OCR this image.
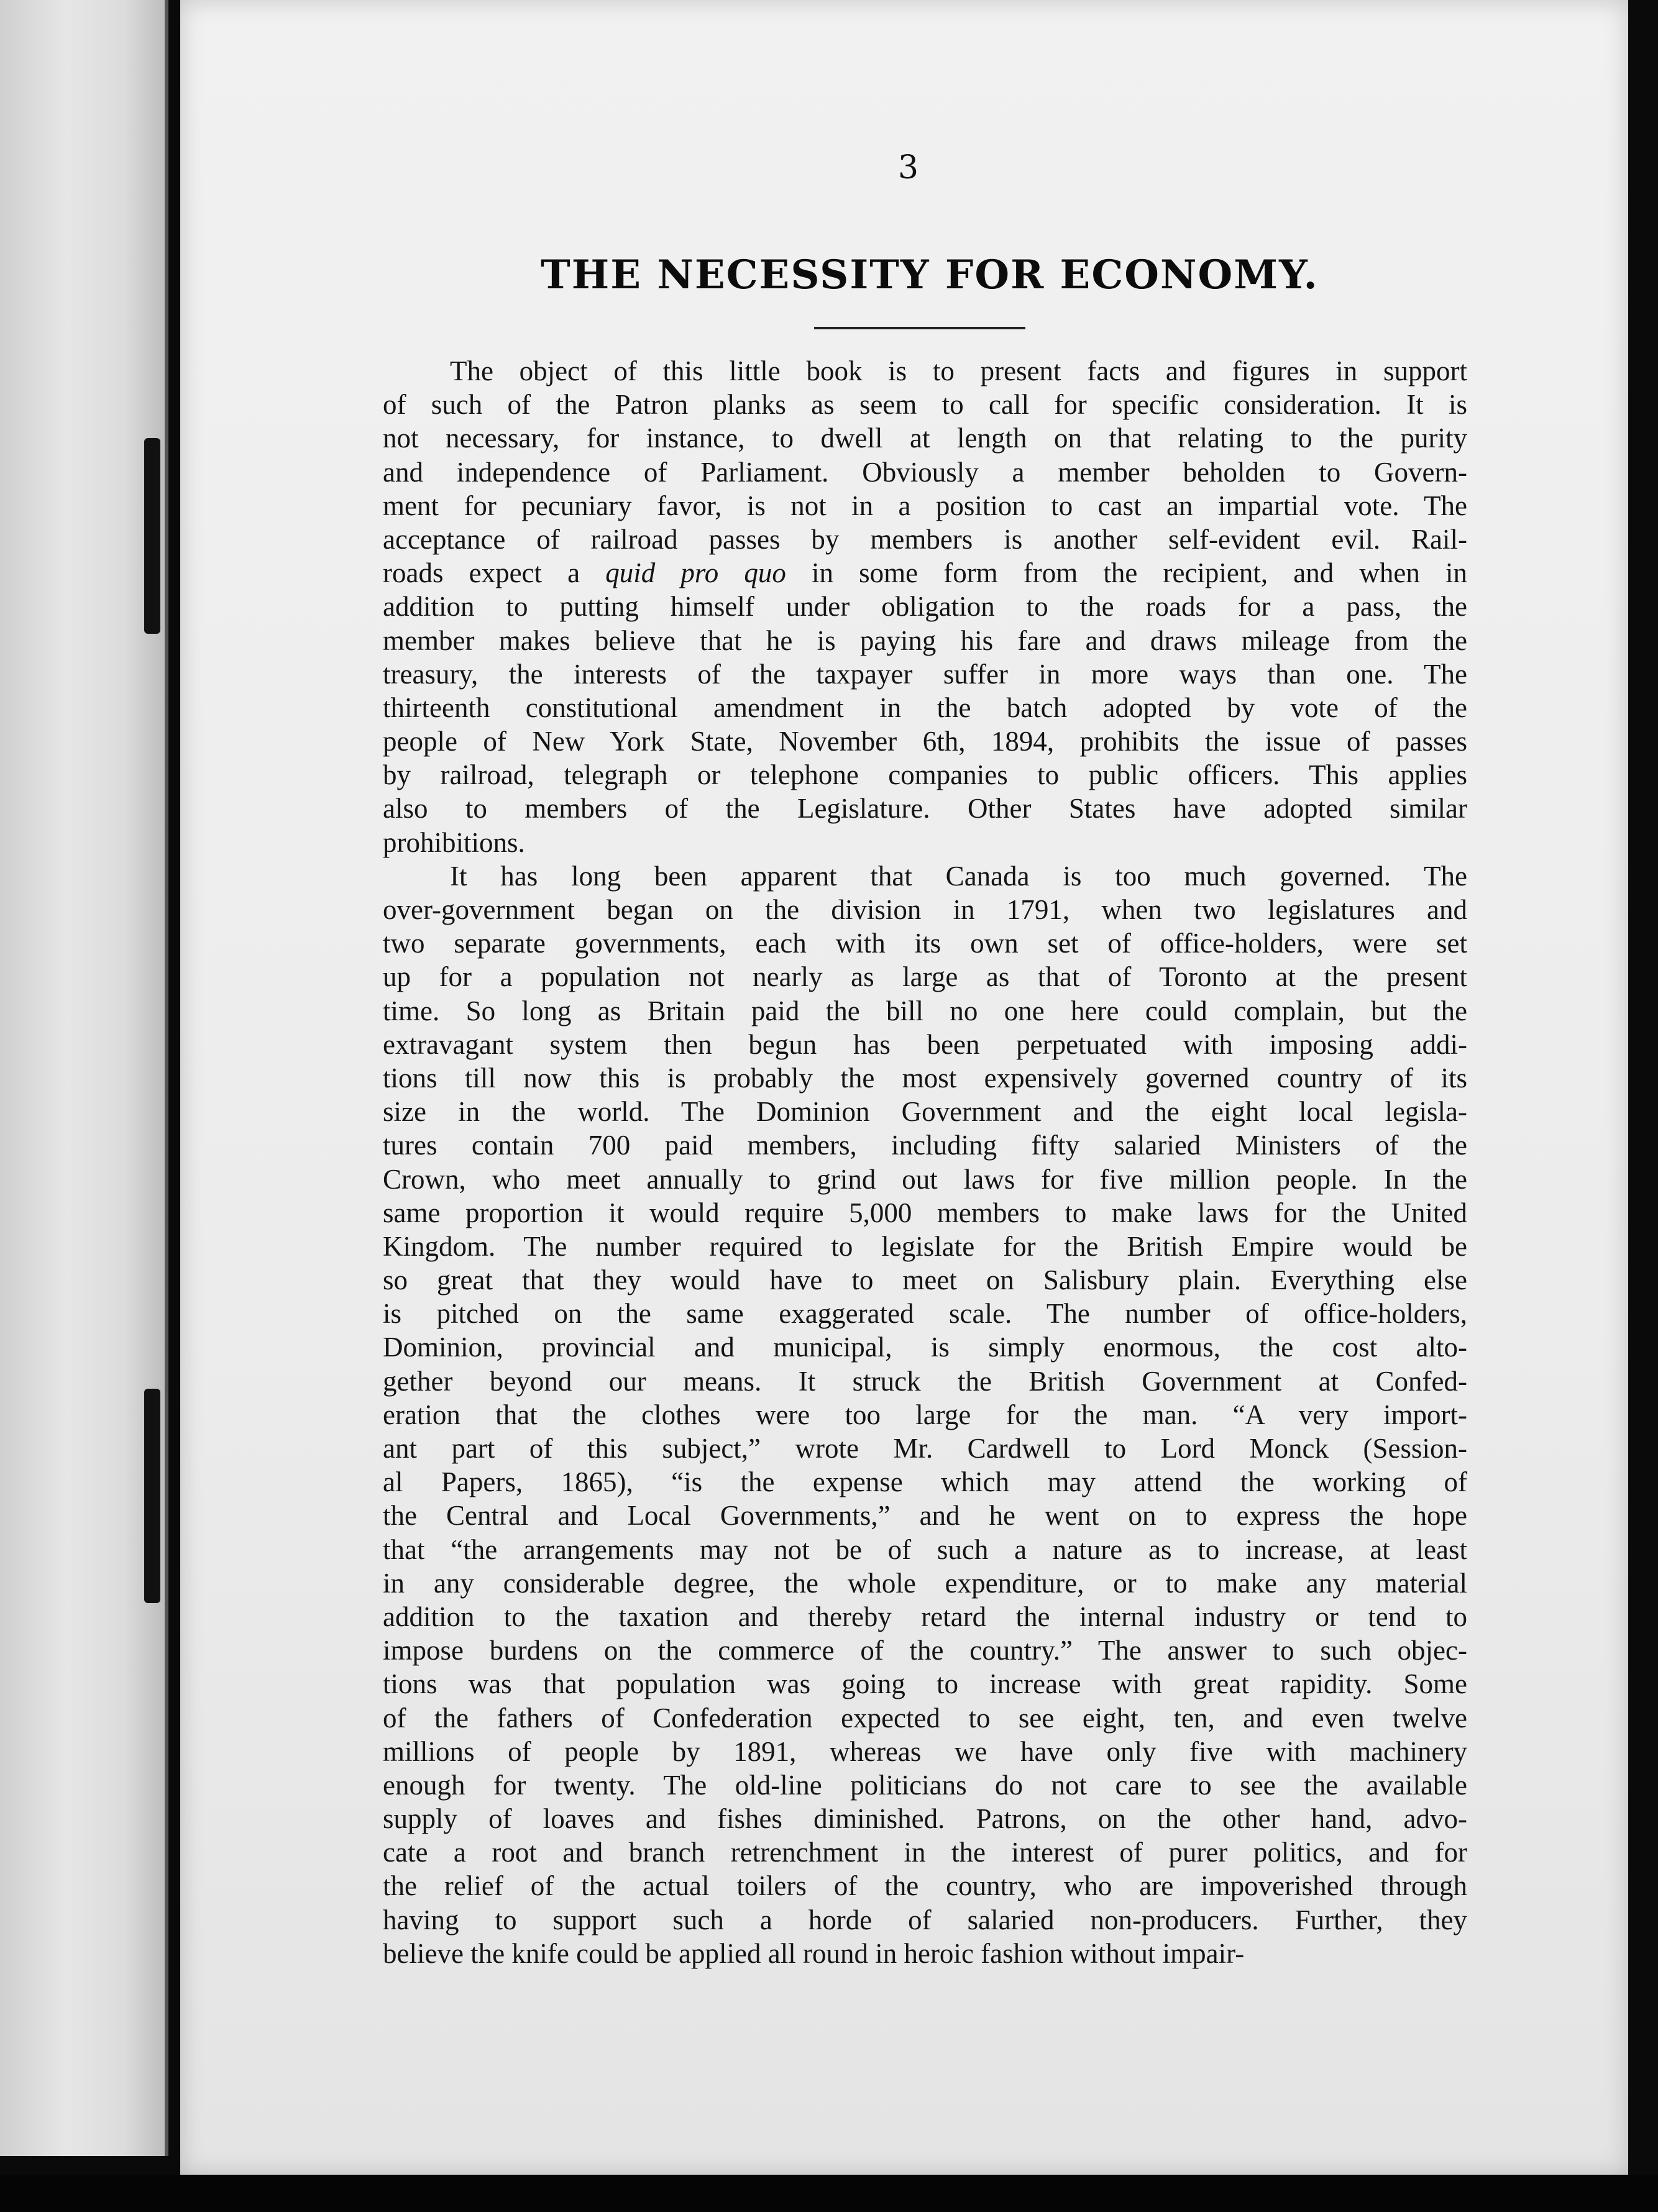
3
THE NECESSITY FOR ECONOMY.
The object of this little book is to present facts and figures in support
of such of the Patron planks as seem to call for specific consideration. It is
not necessary, for instance, to dwell at length on that relating to the purity
and independence of Parliament. Obviously a member beholden to Govern-
ment for pecuniary favor, is not in a position to cast an impartial vote. The
acceptance of railroad passes by members is another self-evident evil. Rail-
roads expect a quid pro quo in some form from the recipient, and when in
addition to putting himself under obligation to the roads for a pass, the
member makes believe that he is paying his fare and draws mileage from the
treasury, the interests of the taxpayer suffer in more ways than one. The
thirteenth constitutional amendment in the batch adopted by vote of the
people of New York State, November 6th, 1894, prohibits the issue of passes
by railroad, telegraph or telephone companies to public officers. This applies
also to members of the Legislature. Other States have adopted similar
prohibitions.
It has long been apparent that Canada is too much governed. The
over-government began on the division in 1791, when two legislatures and
two separate governments, each with its own set of office-holders, were set
up for a population not nearly as large as that of Toronto at the present
time. So long as Britain paid the bill no one here could complain, but the
extravagant system then begun has been perpetuated with imposing addi-
tions till now this is probably the most expensively governed country of its
size in the world. The Dominion Government and the eight local legisla-
tures contain 700 paid members, including fifty salaried Ministers of the
Crown, who meet annually to grind out laws for five million people. In the
same proportion it would require 5,000 members to make laws for the United
Kingdom. The number required to legislate for the British Empire would be
so great that they would have to meet on Salisbury plain. Everything else
is pitched on the same exaggerated scale. The number of office-holders,
Dominion, provincial and municipal, is simply enormous, the cost alto-
gether beyond our means. It struck the British Government at Confed-
eration that the clothes were too large for the man. “A very import-
ant part of this subject,” wrote Mr. Cardwell to Lord Monck (Session-
al Papers, 1865), “is the expense which may attend the working of
the Central and Local Governments,” and he went on to express the hope
that “the arrangements may not be of such a nature as to increase, at least
in any considerable degree, the whole expenditure, or to make any material
addition to the taxation and thereby retard the internal industry or tend to
impose burdens on the commerce of the country.” The answer to such objec-
tions was that population was going to increase with great rapidity. Some
of the fathers of Confederation expected to see eight, ten, and even twelve
millions of people by 1891, whereas we have only five with machinery
enough for twenty. The old-line politicians do not care to see the available
supply of loaves and fishes diminished. Patrons, on the other hand, advo-
cate a root and branch retrenchment in the interest of purer politics, and for
the relief of the actual toilers of the country, who are impoverished through
having to support such a horde of salaried non-producers. Further, they
believe the knife could be applied all round in heroic fashion without impair-
